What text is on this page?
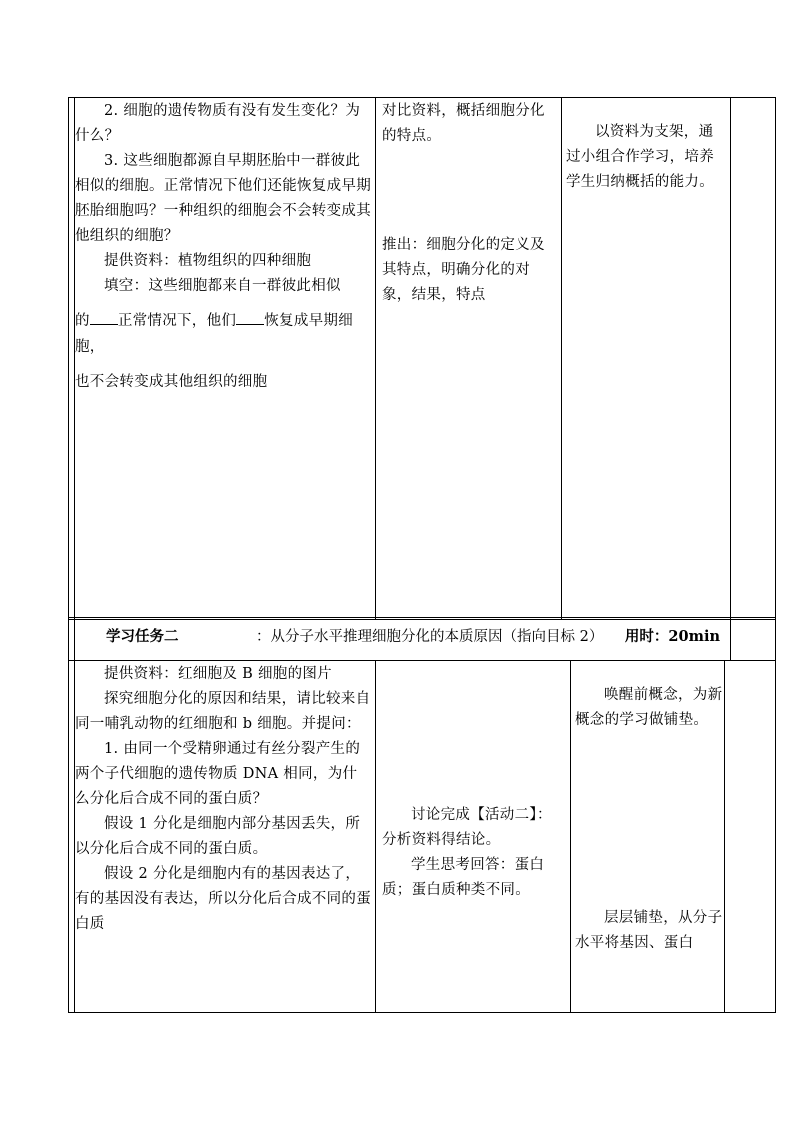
2. 细胞的遗传物质有没有发生变化？为什么？

3. 这些细胞都源自早期胚胎中一群彼此相似的细胞。正常情况下他们还能恢复成早期胚胎细胞吗？一种组织的细胞会不会转变成其他组织的细胞？

提供资料：植物组织的四种细胞

填空：这些细胞都来自一群彼此相似

的 正常情况下，他们 恢复成早期细胞，

也不会转变成其他组织的细胞

对比资料，概括细胞分化的特点。

推出：细胞分化的定义及其特点，明确分化的对象，结果，特点

以资料为支架，通过小组合作学习，培养学生归纳概括的能力。

学习任务二	：从分子水平推理细胞分化的本质原因（指向目标 2） 用时：20min

提供资料：红细胞及 B 细胞的图片

探究细胞分化的原因和结果，请比较来自同一哺乳动物的红细胞和 b 细胞。并提问：

1. 由同一个受精卵通过有丝分裂产生的两个子代细胞的遗传物质 DNA 相同，为什么分化后合成不同的蛋白质？

假设 1 分化是细胞内部分基因丢失，所以分化后合成不同的蛋白质。

假设 2 分化是细胞内有的基因表达了，有的基因没有表达，所以分化后合成不同的蛋白质

讨论完成【活动二】：分析资料得结论。

学生思考回答：蛋白质；蛋白质种类不同。

唤醒前概念，为新概念的学习做铺垫。

层层铺垫，从分子水平将基因、蛋白
